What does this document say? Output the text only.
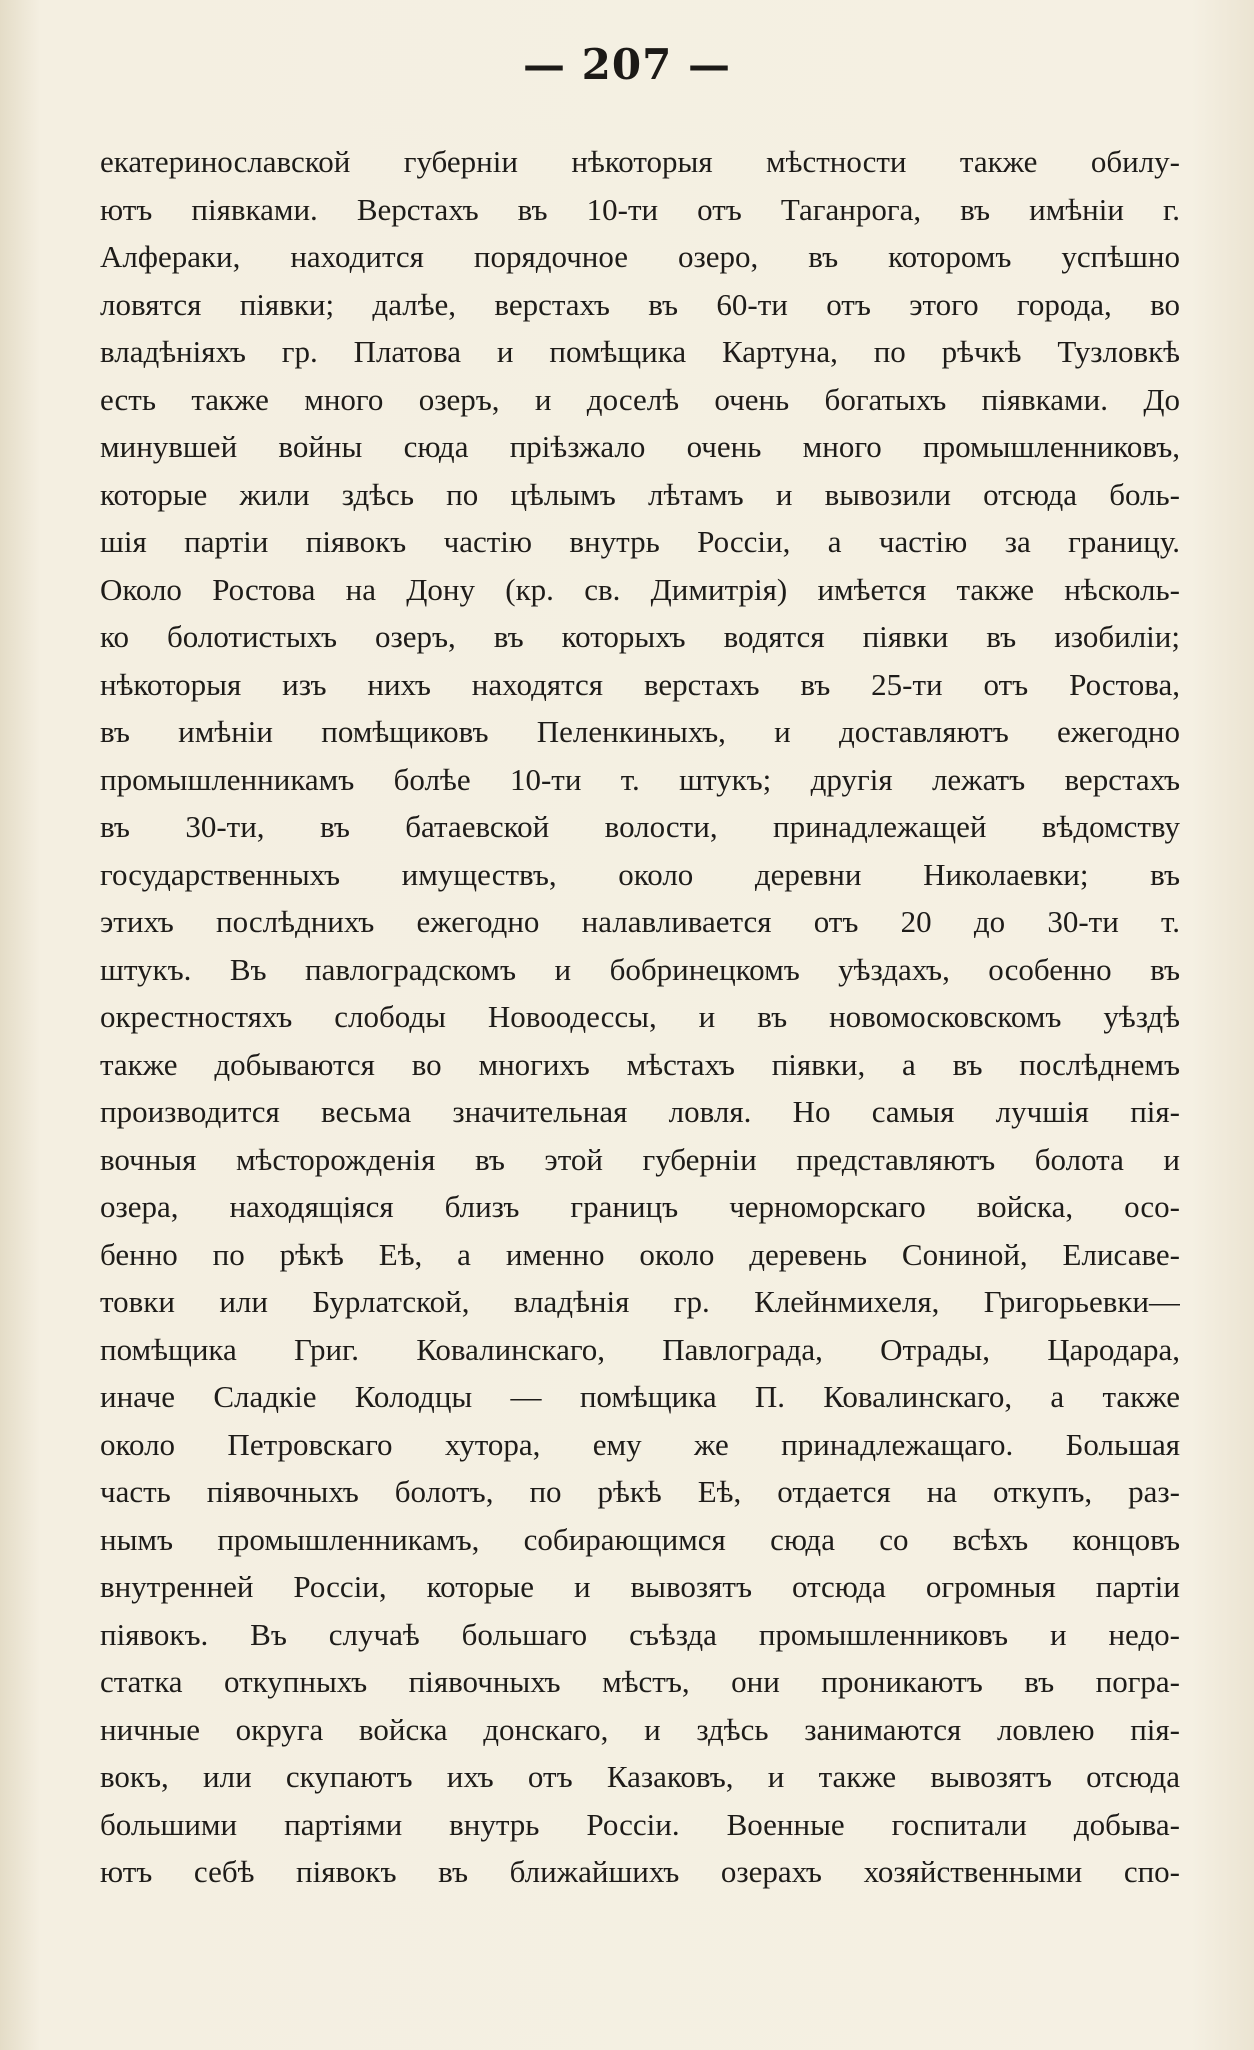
— 207 —
екатеринославской губерніи нѣкоторыя мѣстности также обилу-
ютъ піявками. Верстахъ въ 10-ти отъ Таганрога, въ имѣніи г.
Алфераки, находится порядочное озеро, въ которомъ успѣшно
ловятся піявки; далѣе, верстахъ въ 60-ти отъ этого города, во
владѣніяхъ гр. Платова и помѣщика Картуна, по рѣчкѣ Тузловкѣ
есть также много озеръ, и доселѣ очень богатыхъ піявками. До
минувшей войны сюда пріѣзжало очень много промышленниковъ,
которые жили здѣсь по цѣлымъ лѣтамъ и вывозили отсюда боль-
шія партіи піявокъ частію внутрь Россіи, а частію за границу.
Около Ростова на Дону (кр. св. Димитрія) имѣется также нѣсколь-
ко болотистыхъ озеръ, въ которыхъ водятся піявки въ изобиліи;
нѣкоторыя изъ нихъ находятся верстахъ въ 25-ти отъ Ростова,
въ имѣніи помѣщиковъ Пеленкиныхъ, и доставляютъ ежегодно
промышленникамъ болѣе 10-ти т. штукъ; другія лежатъ верстахъ
въ 30-ти, въ батаевской волости, принадлежащей вѣдомству
государственныхъ имуществъ, около деревни Николаевки; въ
этихъ послѣднихъ ежегодно налавливается отъ 20 до 30-ти т.
штукъ. Въ павлоградскомъ и бобринецкомъ уѣздахъ, особенно въ
окрестностяхъ слободы Новоодессы, и въ новомосковскомъ уѣздѣ
также добываются во многихъ мѣстахъ піявки, а въ послѣднемъ
производится весьма значительная ловля. Но самыя лучшія пія-
вочныя мѣсторожденія въ этой губерніи представляютъ болота и
озера, находящіяся близъ границъ черноморскаго войска, осо-
бенно по рѣкѣ Еѣ, а именно около деревень Сониной, Елисаве-
товки или Бурлатской, владѣнія гр. Клейнмихеля, Григорьевки—
помѣщика Григ. Ковалинскаго, Павлограда, Отрады, Цародара,
иначе Сладкіе Колодцы — помѣщика П. Ковалинскаго, а также
около Петровскаго хутора, ему же принадлежащаго. Большая
часть піявочныхъ болотъ, по рѣкѣ Еѣ, отдается на откупъ, раз-
нымъ промышленникамъ, собирающимся сюда со всѣхъ концовъ
внутренней Россіи, которые и вывозятъ отсюда огромныя партіи
піявокъ. Въ случаѣ большаго съѣзда промышленниковъ и недо-
статка откупныхъ піявочныхъ мѣстъ, они проникаютъ въ погра-
ничные округа войска донскаго, и здѣсь занимаются ловлею пія-
вокъ, или скупаютъ ихъ отъ Казаковъ, и также вывозятъ отсюда
большими партіями внутрь Россіи. Военные госпитали добыва-
ютъ себѣ піявокъ въ ближайшихъ озерахъ хозяйственными спо-
